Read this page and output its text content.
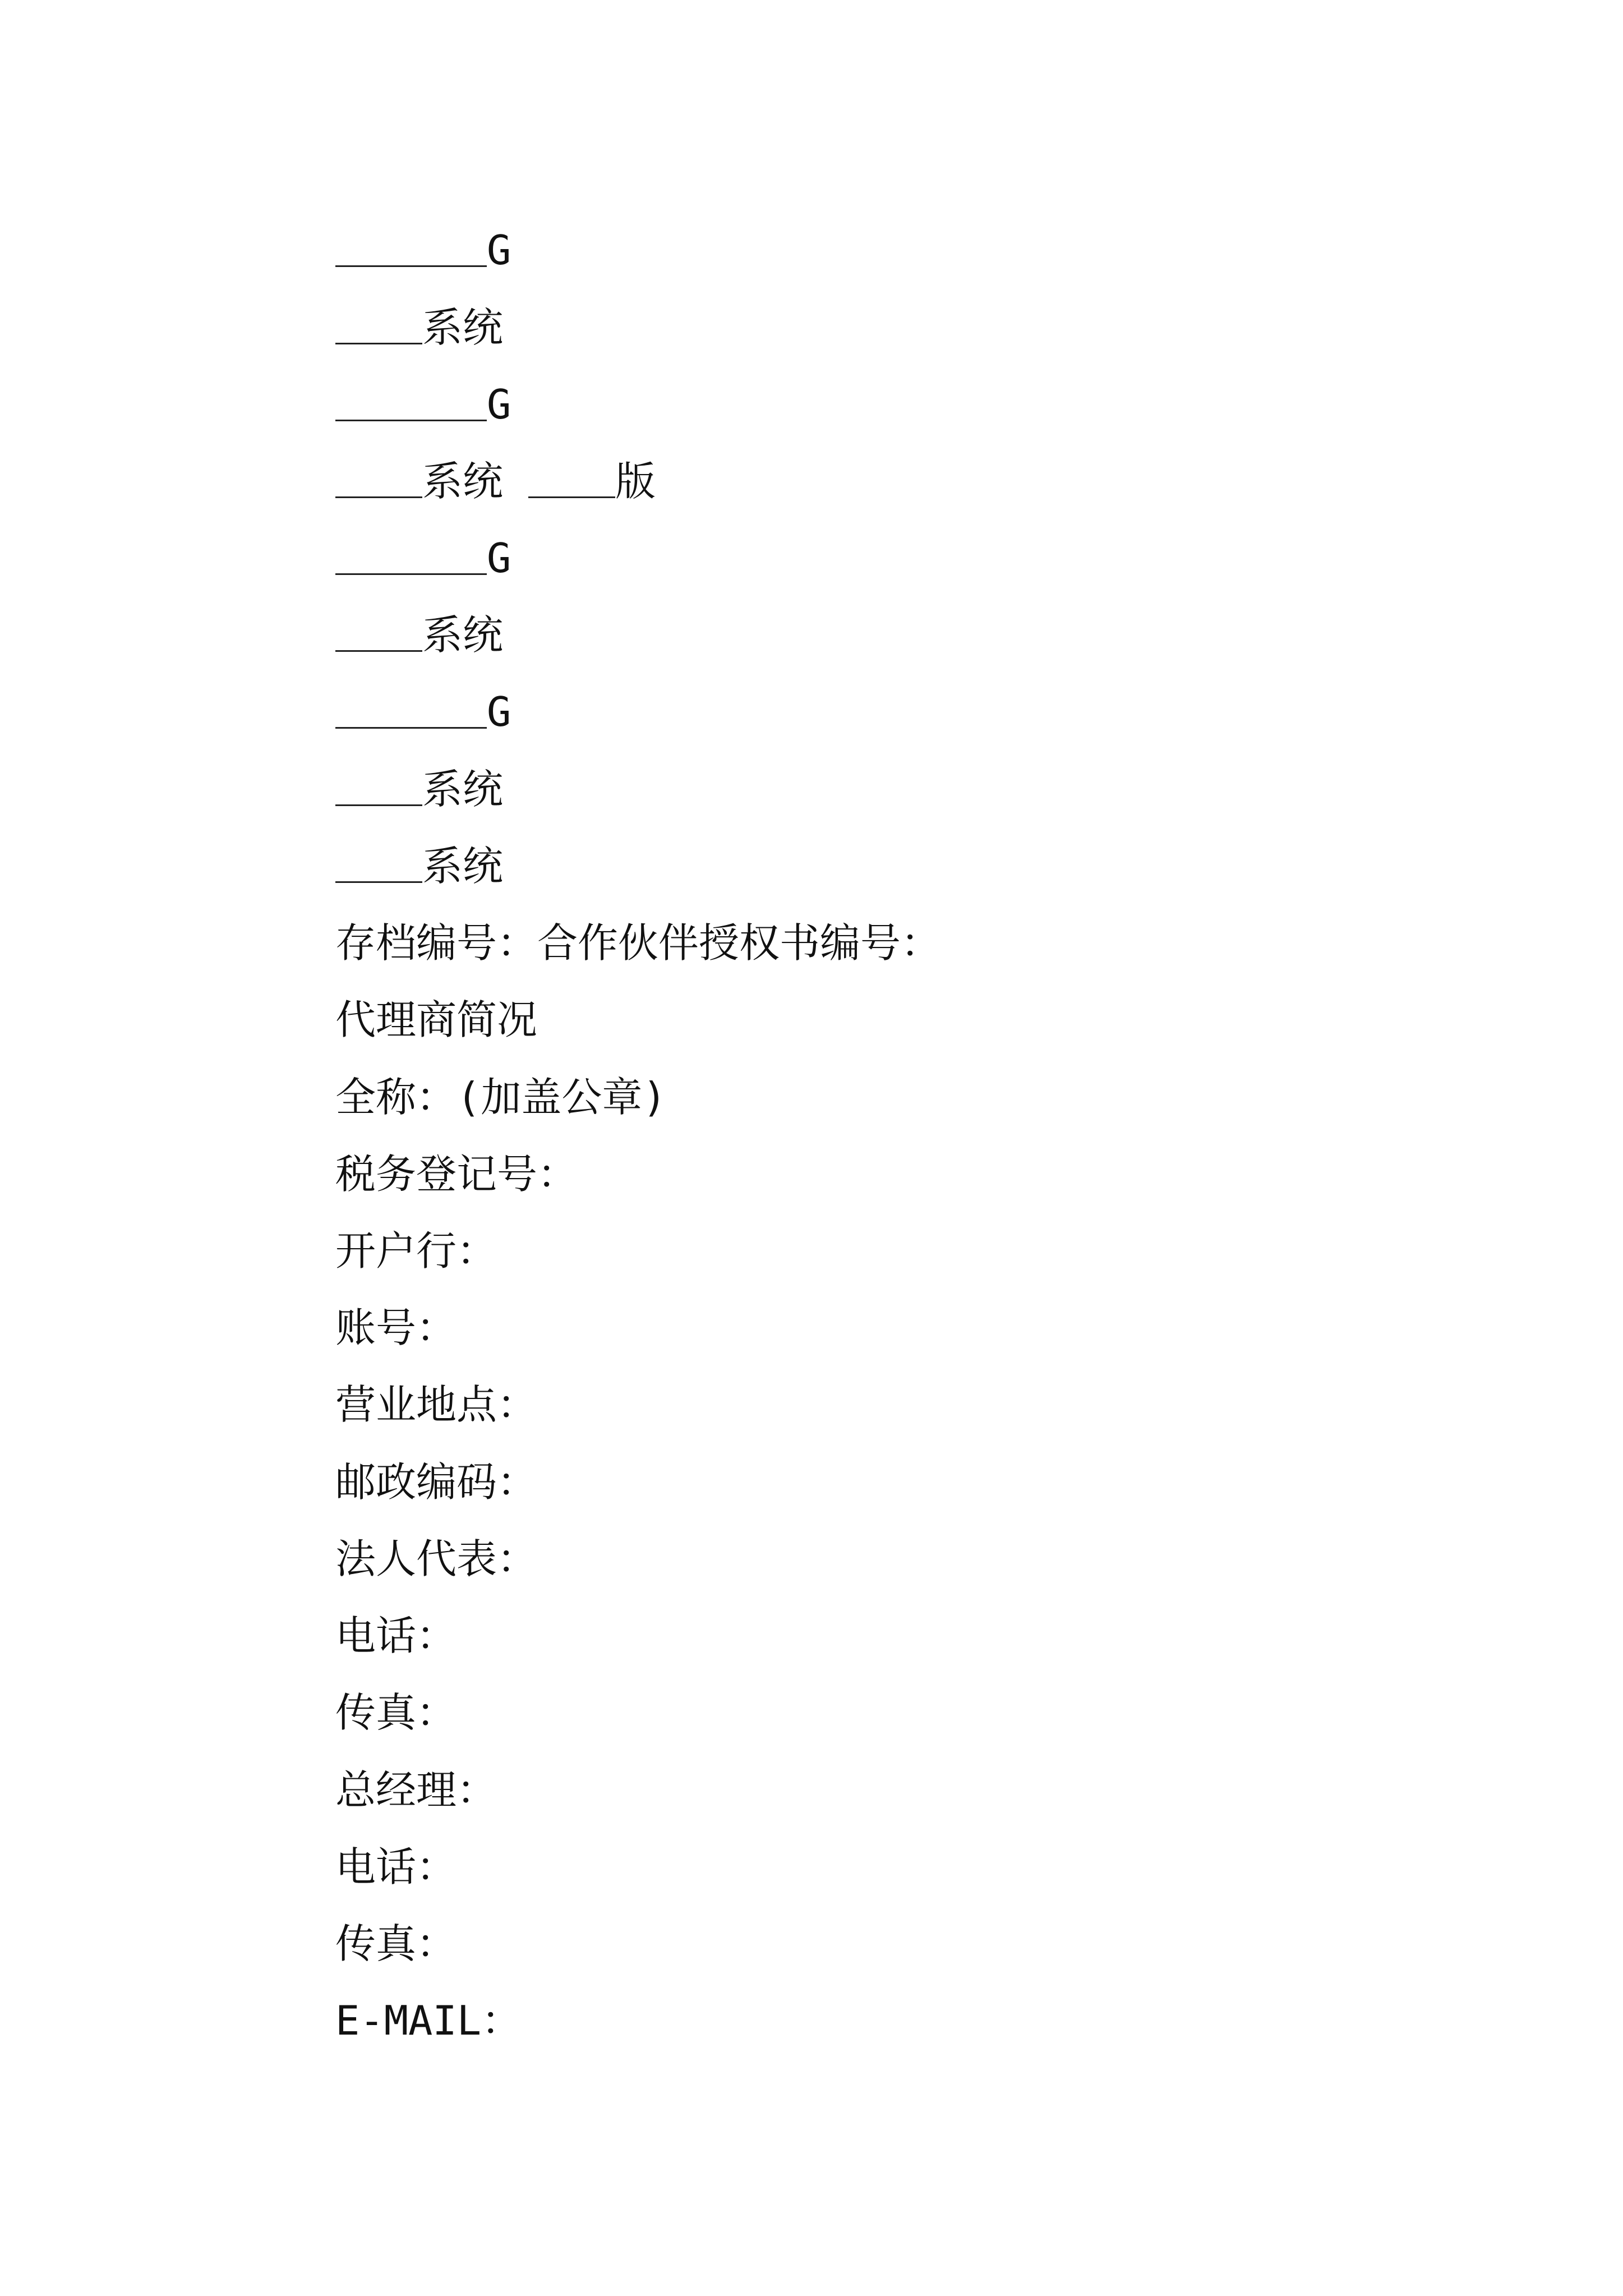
G
系统
G
系统	版
G
系统
G
系统
系统
存档编号：合作伙伴授权书编号：
代理商简况
全称：(加盖公章)
税务登记号：
开户行：
账号：
营业地点：
邮政编码：
法人代表：
电话：
传真：
总经理：
电话：
传真：
E-MAIL：
